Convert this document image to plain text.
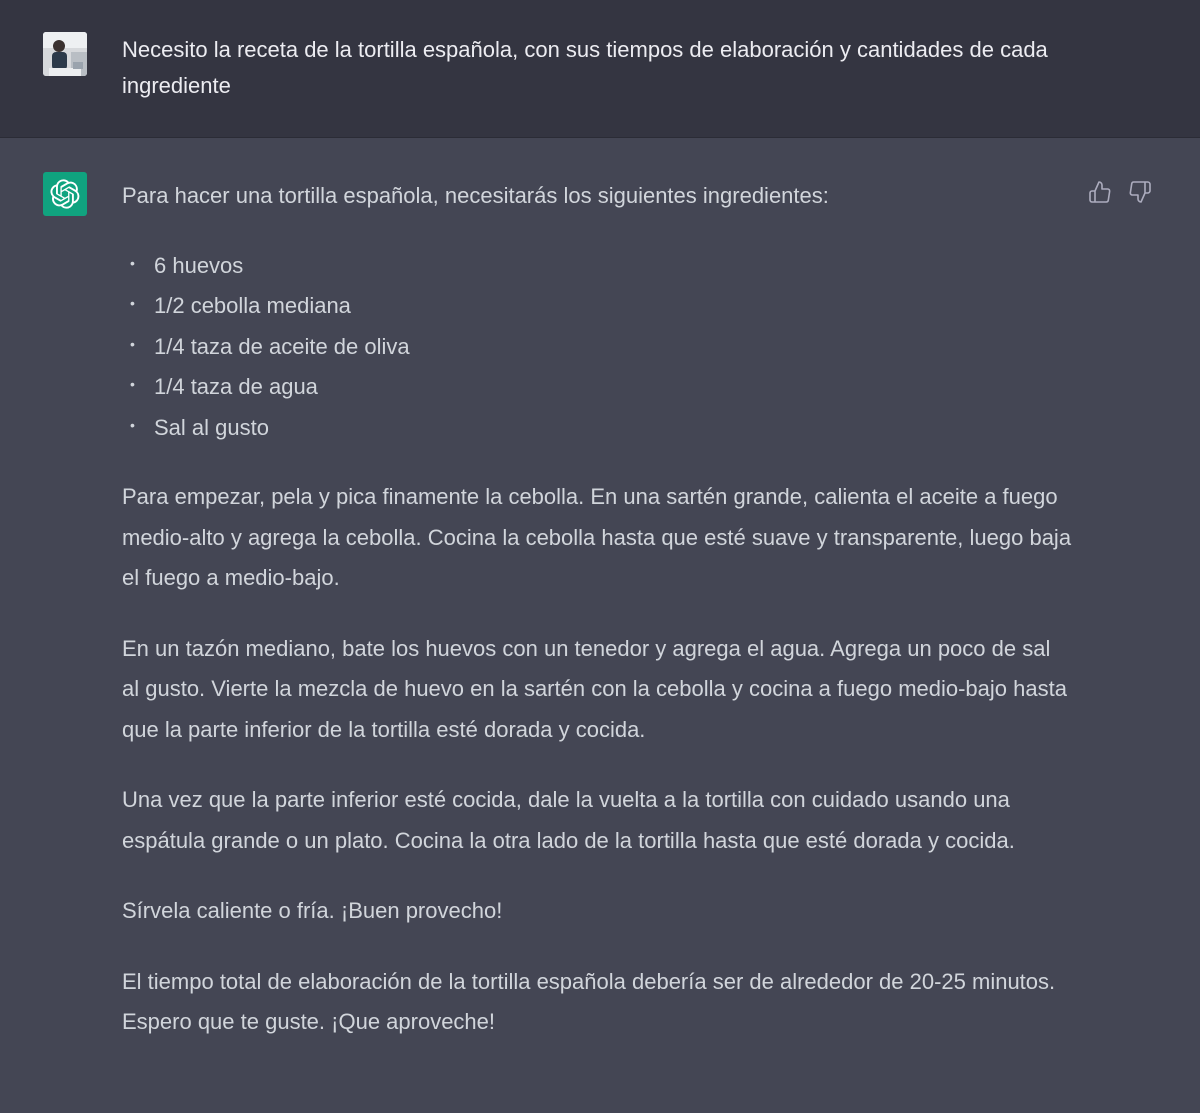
Necesito la receta de la tortilla española, con sus tiempos de elaboración y cantidades de cada ingrediente

Para hacer una tortilla española, necesitarás los siguientes ingredientes:

• 6 huevos
• 1/2 cebolla mediana
• 1/4 taza de aceite de oliva
• 1/4 taza de agua
• Sal al gusto

Para empezar, pela y pica finamente la cebolla. En una sartén grande, calienta el aceite a fuego medio-alto y agrega la cebolla. Cocina la cebolla hasta que esté suave y transparente, luego baja el fuego a medio-bajo.

En un tazón mediano, bate los huevos con un tenedor y agrega el agua. Agrega un poco de sal al gusto. Vierte la mezcla de huevo en la sartén con la cebolla y cocina a fuego medio-bajo hasta que la parte inferior de la tortilla esté dorada y cocida.

Una vez que la parte inferior esté cocida, dale la vuelta a la tortilla con cuidado usando una espátula grande o un plato. Cocina la otra lado de la tortilla hasta que esté dorada y cocida.

Sírvela caliente o fría. ¡Buen provecho!

El tiempo total de elaboración de la tortilla española debería ser de alrededor de 20-25 minutos. Espero que te guste. ¡Que aproveche!
